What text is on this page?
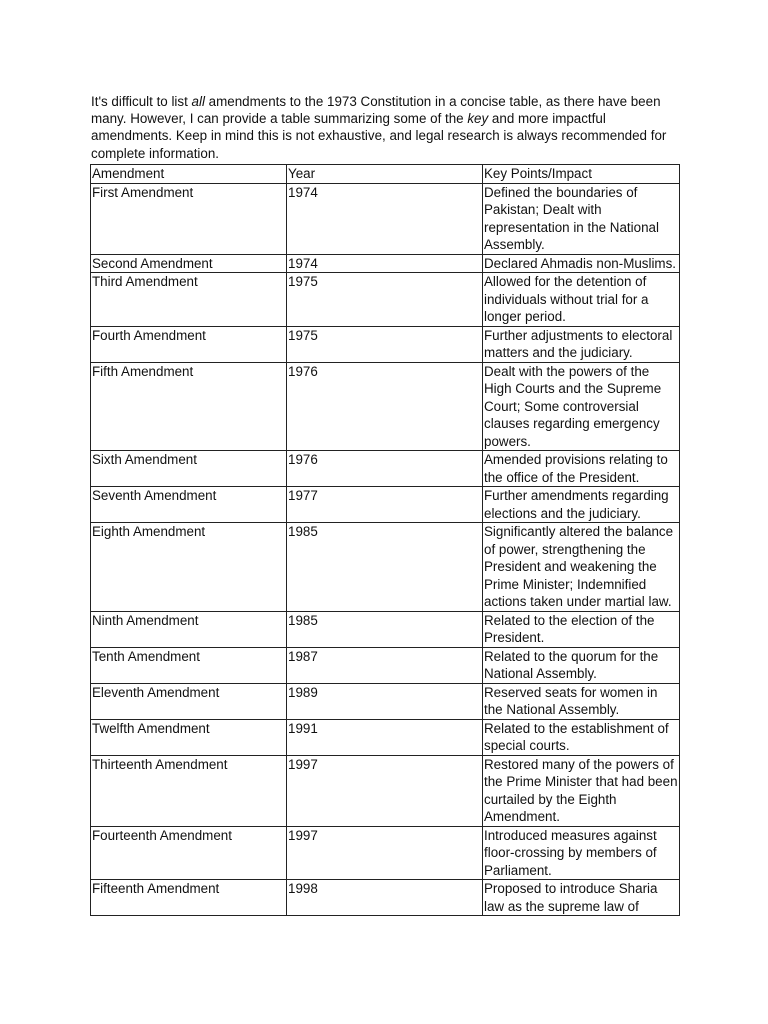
It's difficult to list all amendments to the 1973 Constitution in a concise table, as there have been many. However, I can provide a table summarizing some of the key and more impactful amendments. Keep in mind this is not exhaustive, and legal research is always recommended for complete information.

Amendment	Year	Key Points/Impact
First Amendment	1974	Defined the boundaries of Pakistan; Dealt with representation in the National Assembly.
Second Amendment	1974	Declared Ahmadis non-Muslims.
Third Amendment	1975	Allowed for the detention of individuals without trial for a longer period.
Fourth Amendment	1975	Further adjustments to electoral matters and the judiciary.
Fifth Amendment	1976	Dealt with the powers of the High Courts and the Supreme Court; Some controversial clauses regarding emergency powers.
Sixth Amendment	1976	Amended provisions relating to the office of the President.
Seventh Amendment	1977	Further amendments regarding elections and the judiciary.
Eighth Amendment	1985	Significantly altered the balance of power, strengthening the President and weakening the Prime Minister; Indemnified actions taken under martial law.
Ninth Amendment	1985	Related to the election of the President.
Tenth Amendment	1987	Related to the quorum for the National Assembly.
Eleventh Amendment	1989	Reserved seats for women in the National Assembly.
Twelfth Amendment	1991	Related to the establishment of special courts.
Thirteenth Amendment	1997	Restored many of the powers of the Prime Minister that had been curtailed by the Eighth Amendment.
Fourteenth Amendment	1997	Introduced measures against floor-crossing by members of Parliament.
Fifteenth Amendment	1998	Proposed to introduce Sharia law as the supreme law of
